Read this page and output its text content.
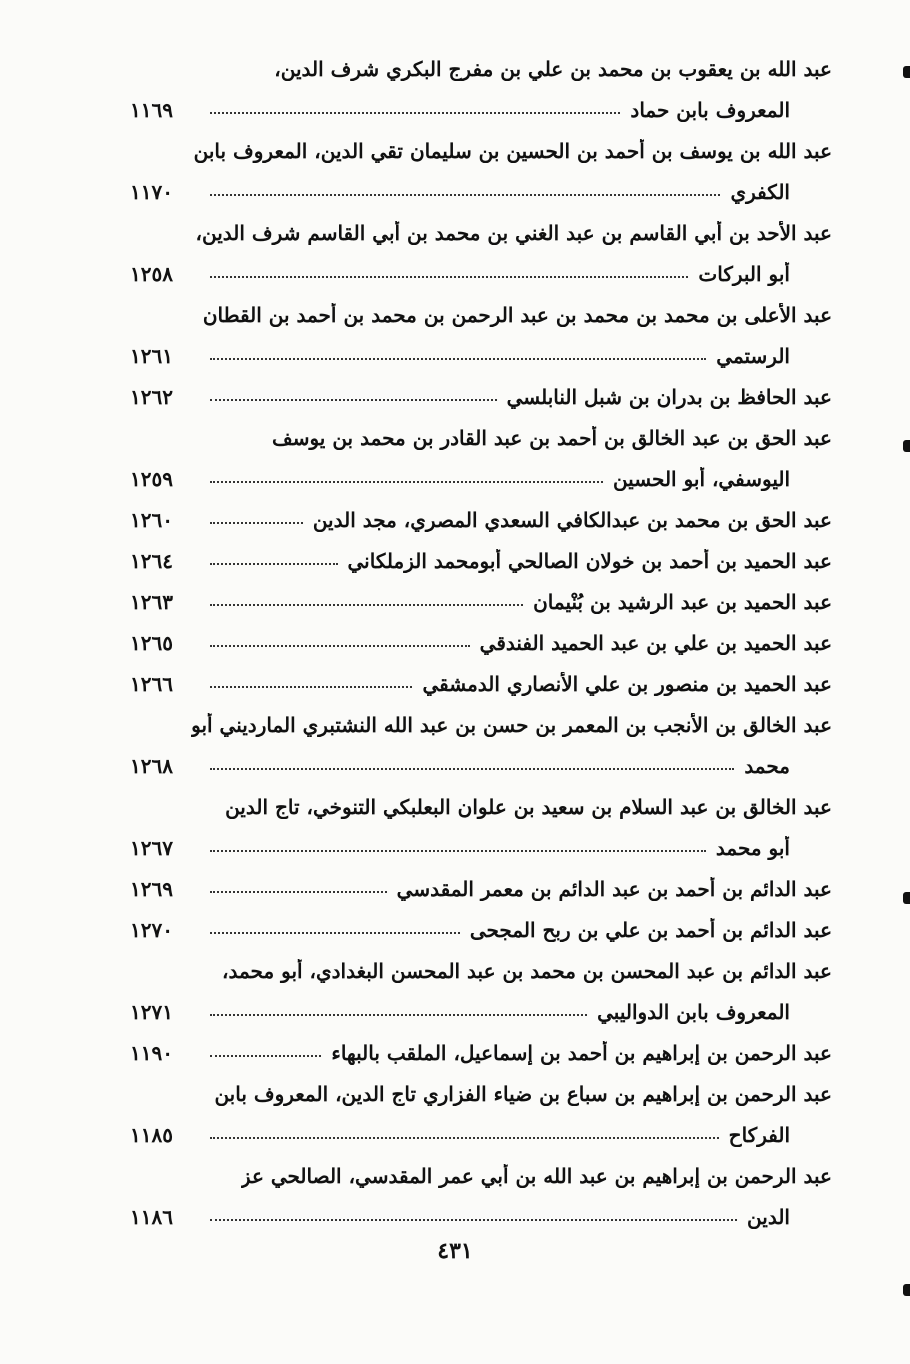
عبد الله بن يعقوب بن محمد بن علي بن مفرج البكري شرف الدين،
المعروف بابن حماد
١١٦٩
عبد الله بن يوسف بن أحمد بن الحسين بن سليمان تقي الدين، المعروف بابن
الكفري
١١٧٠
عبد الأحد بن أبي القاسم بن عبد الغني بن محمد بن أبي القاسم شرف الدين،
أبو البركات
١٢٥٨
عبد الأعلى بن محمد بن محمد بن عبد الرحمن بن محمد بن أحمد بن القطان
الرستمي
١٢٦١
عبد الحافظ بن بدران بن شبل النابلسي
١٢٦٢
عبد الحق بن عبد الخالق بن أحمد بن عبد القادر بن محمد بن يوسف
اليوسفي، أبو الحسين
١٢٥٩
عبد الحق بن محمد بن عبدالكافي السعدي المصري، مجد الدين
١٢٦٠
عبد الحميد بن أحمد بن خولان الصالحي أبومحمد الزملكاني
١٢٦٤
عبد الحميد بن عبد الرشيد بن بُنْيمان
١٢٦٣
عبد الحميد بن علي بن عبد الحميد الفندقي
١٢٦٥
عبد الحميد بن منصور بن علي الأنصاري الدمشقي
١٢٦٦
عبد الخالق بن الأنجب بن المعمر بن حسن بن عبد الله النشتبري المارديني أبو
محمد
١٢٦٨
عبد الخالق بن عبد السلام بن سعيد بن علوان البعلبكي التنوخي، تاج الدين
أبو محمد
١٢٦٧
عبد الدائم بن أحمد بن عبد الدائم بن معمر المقدسي
١٢٦٩
عبد الدائم بن أحمد بن علي بن ربح المجحى
١٢٧٠
عبد الدائم بن عبد المحسن بن محمد بن عبد المحسن البغدادي، أبو محمد،
المعروف بابن الدواليبي
١٢٧١
عبد الرحمن بن إبراهيم بن أحمد بن إسماعيل، الملقب بالبهاء
١١٩٠
عبد الرحمن بن إبراهيم بن سباع بن ضياء الفزاري تاج الدين، المعروف بابن
الفركاح
١١٨٥
عبد الرحمن بن إبراهيم بن عبد الله بن أبي عمر المقدسي، الصالحي عز
الدين
١١٨٦
٤٣١
